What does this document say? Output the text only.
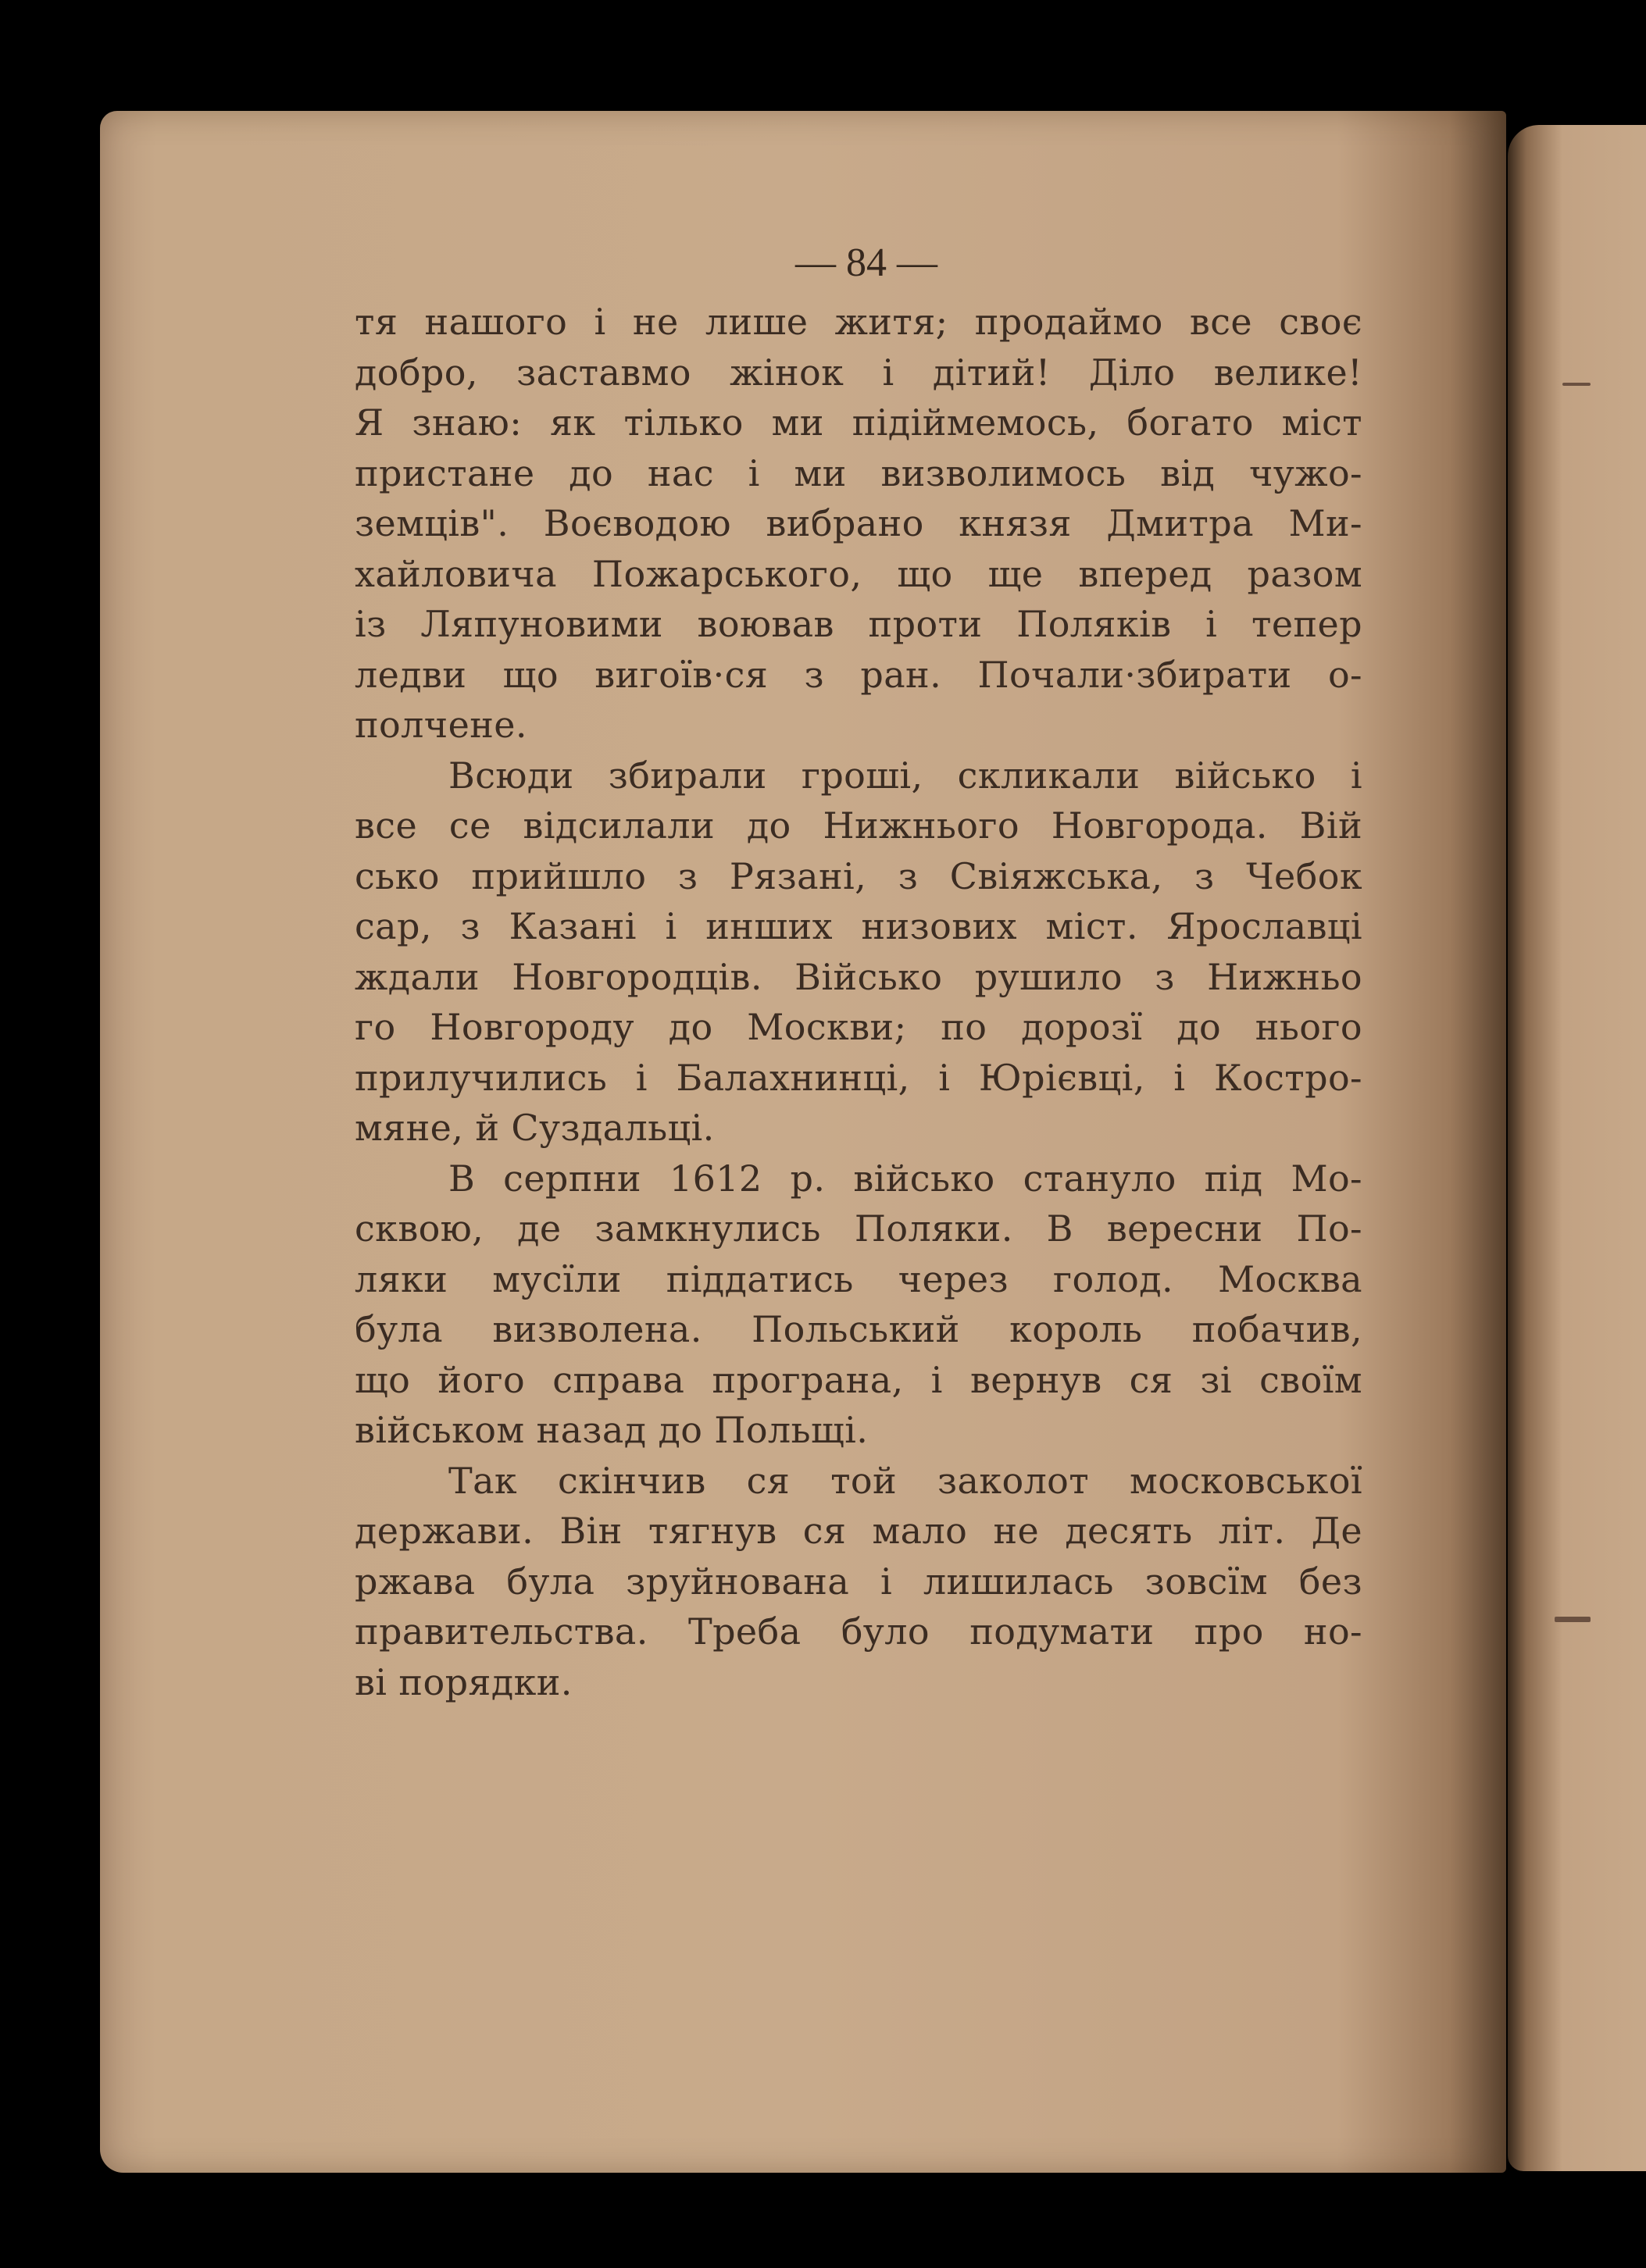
— 84 —
тя нашого і не лише житя; продаймо все своє
добро, заставмо жінок і дітий! Діло велике!
Я знаю: як тілько ми підіймемось, богато міст
пристане до нас і ми визволимось від чужо-
земців". Воєводою вибрано князя Дмитра Ми-
хайловича Пожарського, що ще вперед разом
із Ляпуновими воював проти Поляків і тепер
ледви що вигоїв·ся з ран. Почали·збирати о-
полчене.
Всюди збирали гроші, скликали військо і
все се відсилали до Нижнього Новгорода. Вій
сько прийшло з Рязані, з Свіяжська, з Чебок
сар, з Казані і инших низових міст. Ярославці
ждали Новгородців. Військо рушило з Нижньо
го Новгороду до Москви; по дорозї до нього
прилучились і Балахнинці, і Юрієвці, і Костро-
мяне, й Суздальці.
В серпни 1612 р. військо стануло під Мо-
сквою, де замкнулись Поляки. В вересни По-
ляки мусїли піддатись через голод. Москва
була визволена. Польський король побачив,
що його справа програна, і вернув ся зі своїм
військом назад до Польщі.
Так скінчив ся той заколот московської
держави. Він тягнув ся мало не десять літ. Де
ржава була зруйнована і лишилась зовсїм без
правительства. Треба було подумати про но-
ві порядки.
